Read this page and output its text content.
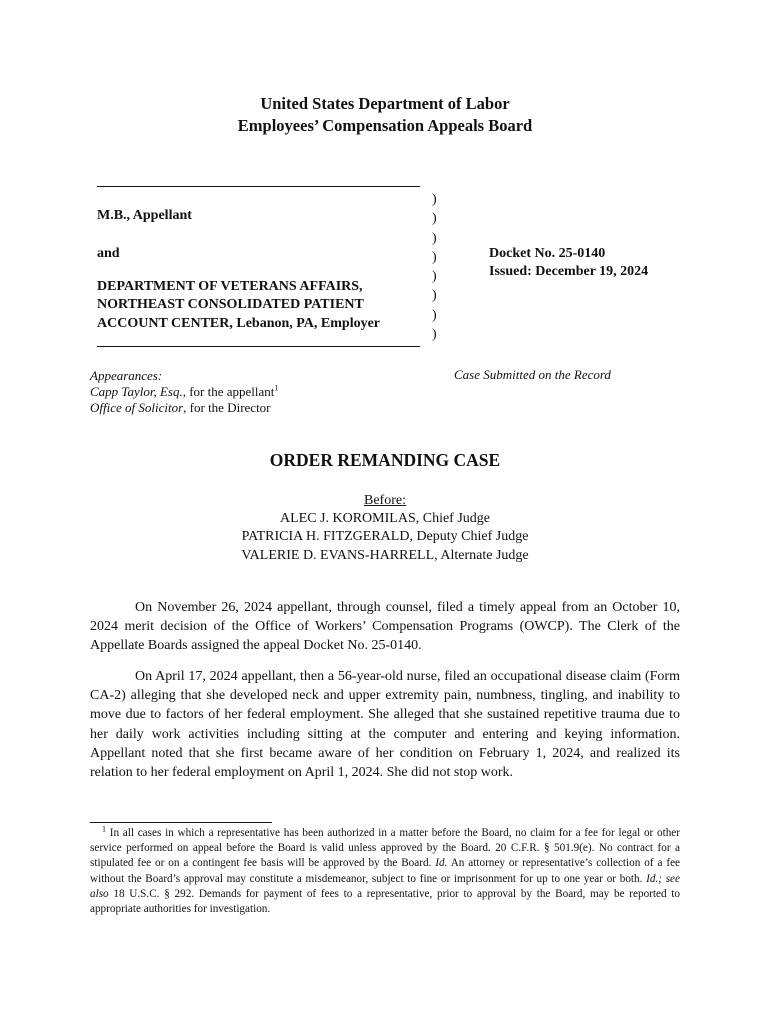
United States Department of Labor
Employees’ Compensation Appeals Board
M.B., Appellant
and
DEPARTMENT OF VETERANS AFFAIRS,
NORTHEAST CONSOLIDATED PATIENT
ACCOUNT CENTER, Lebanon, PA, Employer
)
)
)
)
)
)
)
)
Docket No. 25-0140
Issued: December 19, 2024
Appearances:
Capp Taylor, Esq., for the appellant$^1$
Office of Solicitor, for the Director
Case Submitted on the Record
ORDER REMANDING CASE
Before:
ALEC J. KOROMILAS, Chief Judge
PATRICIA H. FITZGERALD, Deputy Chief Judge
VALERIE D. EVANS-HARRELL, Alternate Judge

On November 26, 2024 appellant, through counsel, filed a timely appeal from an October 10, 2024 merit decision of the Office of Workers’ Compensation Programs (OWCP). The Clerk of the Appellate Boards assigned the appeal Docket No. 25-0140.

On April 17, 2024 appellant, then a 56-year-old nurse, filed an occupational disease claim (Form CA-2) alleging that she developed neck and upper extremity pain, numbness, tingling, and inability to move due to factors of her federal employment. She alleged that she sustained repetitive trauma due to her daily work activities including sitting at the computer and entering and keying information. Appellant noted that she first became aware of her condition on February 1, 2024, and realized its relation to her federal employment on April 1, 2024. She did not stop work.

$^1$ In all cases in which a representative has been authorized in a matter before the Board, no claim for a fee for legal or other service performed on appeal before the Board is valid unless approved by the Board. 20 C.F.R. § 501.9(e). No contract for a stipulated fee or on a contingent fee basis will be approved by the Board. Id. An attorney or representative’s collection of a fee without the Board’s approval may constitute a misdemeanor, subject to fine or imprisonment for up to one year or both. Id.; see also 18 U.S.C. § 292. Demands for payment of fees to a representative, prior to approval by the Board, may be reported to appropriate authorities for investigation.
